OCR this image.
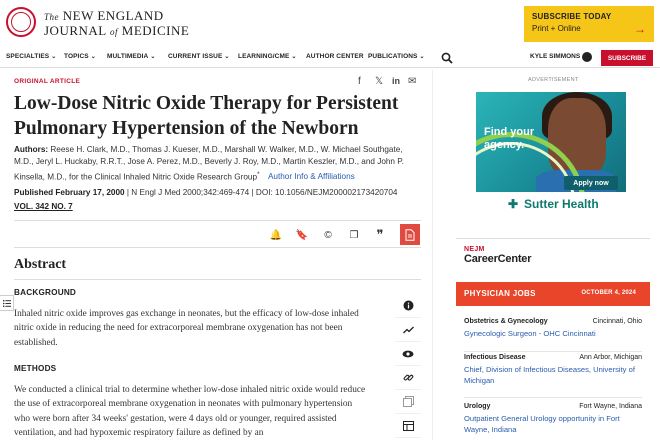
The NEW ENGLAND
JOURNAL of MEDICINE
SUBSCRIBE TODAY
Print + Online	→
SPECIALTIES ⌄ TOPICS ⌄ MULTIMEDIA ⌄ CURRENT ISSUE ⌄ LEARNING/CME ⌄ AUTHOR CENTER PUBLICATIONS ⌄	KYLE SIMMONS	SUBSCRIBE
ORIGINAL ARTICLE	f 𝕏 in ✉
Low-Dose Nitric Oxide Therapy for Persistent Pulmonary Hypertension of the Newborn
Authors: Reese H. Clark, M.D., Thomas J. Kueser, M.D., Marshall W. Walker, M.D., W. Michael Southgate, M.D., Jeryl L. Huckaby, R.R.T., Jose A. Perez, M.D., Beverly J. Roy, M.D., Martin Keszler, M.D., and John P. Kinsella, M.D., for the Clinical Inhaled Nitric Oxide Research Group* Author Info & Affiliations
Published February 17, 2000 | N Engl J Med 2000;342:469-474 | DOI: 10.1056/NEJM200002173420704
VOL. 342 NO. 7
🔔 🔖	©	❐ ❞
Abstract
BACKGROUND

Inhaled nitric oxide improves gas exchange in neonates, but the efficacy of low-dose inhaled nitric oxide in reducing the need for extracorporeal membrane oxygenation has not been established.

METHODS

We conducted a clinical trial to determine whether low-dose inhaled nitric oxide would reduce the use of extracorporeal membrane oxygenation in neonates with pulmonary hypertension who were born after 34 weeks' gestation, were 4 days old or younger, required assisted ventilation, and had hypoxemic respiratory failure as defined by an

ADVERTISEMENT
Find your
agency.
Apply now
✚ Sutter Health
NEJM
CareerCenter
PHYSICIAN JOBS	OCTOBER 4, 2024
Obstetrics & Gynecology	Cincinnati, Ohio
Gynecologic Surgeon - OHC Cincinnati
Infectious Disease	Ann Arbor, Michigan
Chief, Division of Infectious Diseases, University of Michigan
Urology	Fort Wayne, Indiana
Outpatient General Urology opportunity in Fort Wayne, Indiana
